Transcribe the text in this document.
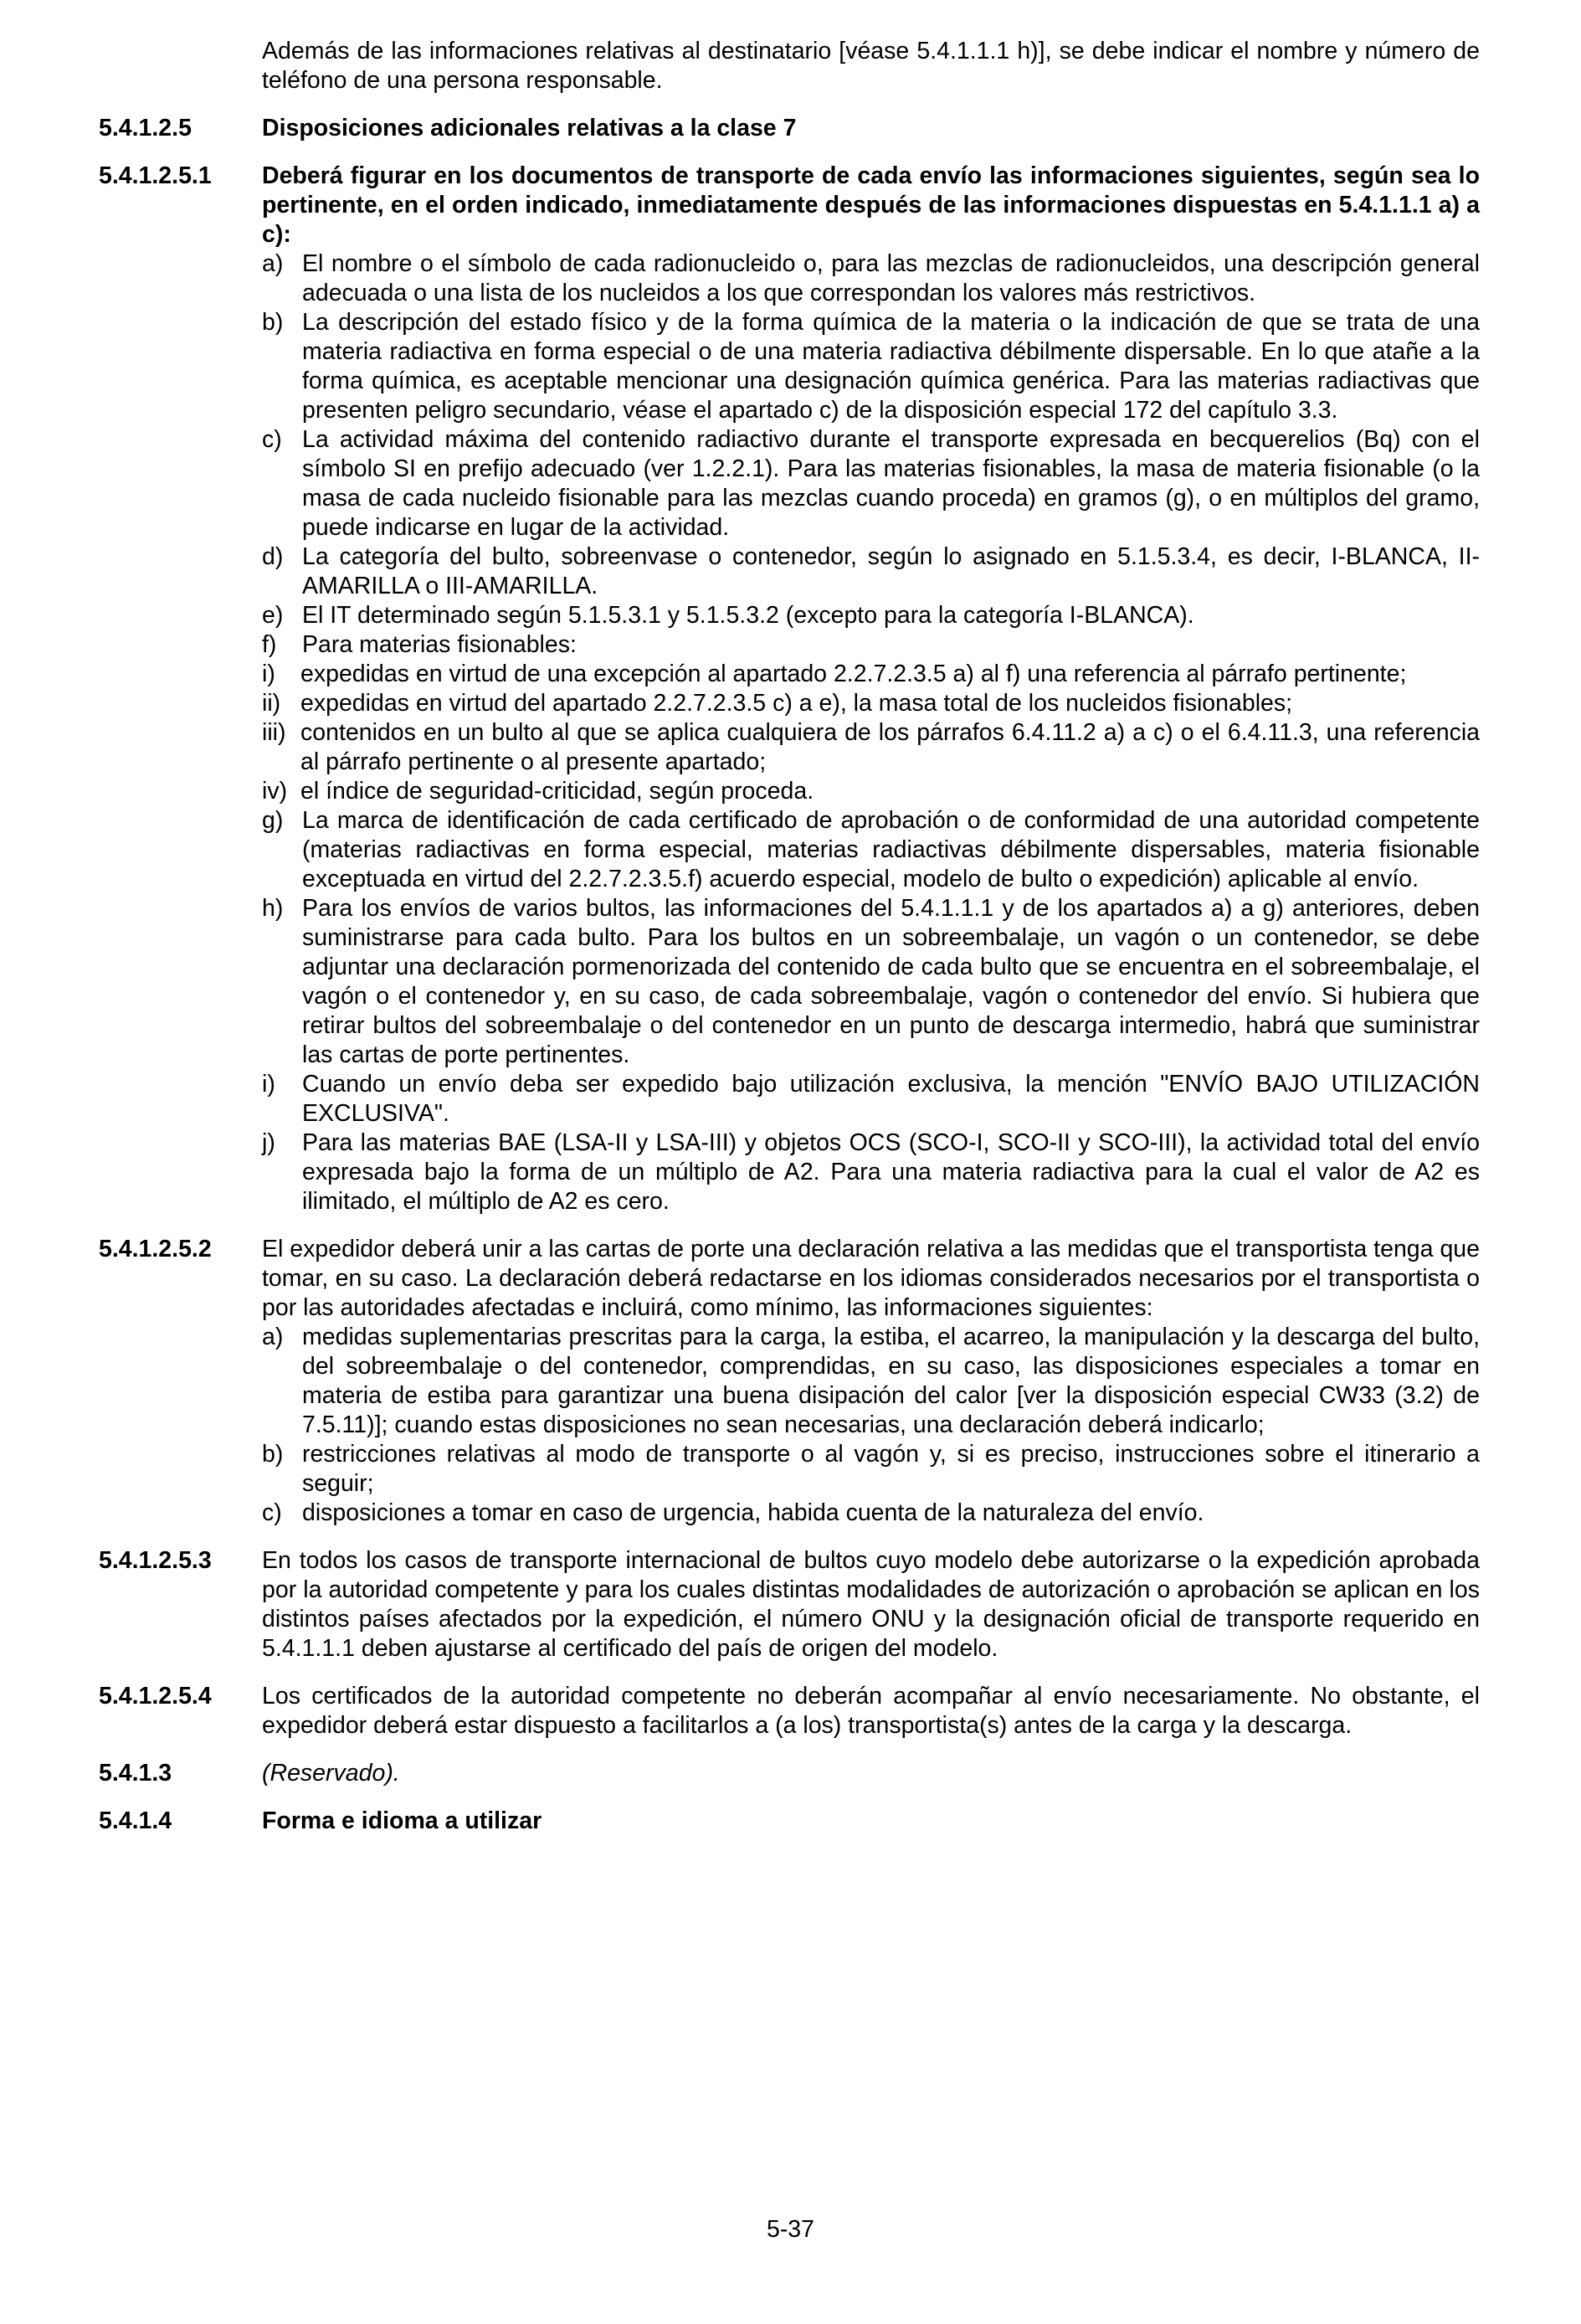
Además de las informaciones relativas al destinatario [véase 5.4.1.1.1 h)], se debe indicar el nombre y número de teléfono de una persona responsable.
5.4.1.2.5	Disposiciones adicionales relativas a la clase 7
5.4.1.2.5.1	Deberá figurar en los documentos de transporte de cada envío las informaciones siguientes, según sea lo pertinente, en el orden indicado, inmediatamente después de las informaciones dispuestas en 5.4.1.1.1 a) a c):
a) El nombre o el símbolo de cada radionucleido o, para las mezclas de radionucleidos, una descripción general adecuada o una lista de los nucleidos a los que correspondan los valores más restrictivos.
b) La descripción del estado físico y de la forma química de la materia o la indicación de que se trata de una materia radiactiva en forma especial o de una materia radiactiva débilmente dispersable. En lo que atañe a la forma química, es aceptable mencionar una designación química genérica. Para las materias radiactivas que presenten peligro secundario, véase el apartado c) de la disposición especial 172 del capítulo 3.3.
c) La actividad máxima del contenido radiactivo durante el transporte expresada en becquerelios (Bq) con el símbolo SI en prefijo adecuado (ver 1.2.2.1). Para las materias fisionables, la masa de materia fisionable (o la masa de cada nucleido fisionable para las mezclas cuando proceda) en gramos (g), o en múltiplos del gramo, puede indicarse en lugar de la actividad.
d) La categoría del bulto, sobreenvase o contenedor, según lo asignado en 5.1.5.3.4, es decir, I-BLANCA, II-AMARILLA o III-AMARILLA.
e) El IT determinado según 5.1.5.3.1 y 5.1.5.3.2 (excepto para la categoría I-BLANCA).
f)	Para materias fisionables:
i)	expedidas en virtud de una excepción al apartado 2.2.7.2.3.5 a) al f) una referencia al párrafo pertinente;
ii) expedidas en virtud del apartado 2.2.7.2.3.5 c) a e), la masa total de los nucleidos fisionables;
iii) contenidos en un bulto al que se aplica cualquiera de los párrafos 6.4.11.2 a) a c) o el 6.4.11.3, una referencia al párrafo pertinente o al presente apartado;
iv) el índice de seguridad-criticidad, según proceda.
g) La marca de identificación de cada certificado de aprobación o de conformidad de una autoridad competente (materias radiactivas en forma especial, materias radiactivas débilmente dispersables, materia fisionable exceptuada en virtud del 2.2.7.2.3.5.f) acuerdo especial, modelo de bulto o expedición) aplicable al envío.
h) Para los envíos de varios bultos, las informaciones del 5.4.1.1.1 y de los apartados a) a g) anteriores, deben suministrarse para cada bulto. Para los bultos en un sobreembalaje, un vagón o un contenedor, se debe adjuntar una declaración pormenorizada del contenido de cada bulto que se encuentra en el sobreembalaje, el vagón o el contenedor y, en su caso, de cada sobreembalaje, vagón o contenedor del envío. Si hubiera que retirar bultos del sobreembalaje o del contenedor en un punto de descarga intermedio, habrá que suministrar las cartas de porte pertinentes.
i)	Cuando un envío deba ser expedido bajo utilización exclusiva, la mención "ENVÍO BAJO UTILIZACIÓN EXCLUSIVA".
j)	Para las materias BAE (LSA-II y LSA-III) y objetos OCS (SCO-I, SCO-II y SCO-III), la actividad total del envío expresada bajo la forma de un múltiplo de A2. Para una materia radiactiva para la cual el valor de A2 es ilimitado, el múltiplo de A2 es cero.
5.4.1.2.5.2	El expedidor deberá unir a las cartas de porte una declaración relativa a las medidas que el transportista tenga que tomar, en su caso. La declaración deberá redactarse en los idiomas considerados necesarios por el transportista o por las autoridades afectadas e incluirá, como mínimo, las informaciones siguientes:
a) medidas suplementarias prescritas para la carga, la estiba, el acarreo, la manipulación y la descarga del bulto, del sobreembalaje o del contenedor, comprendidas, en su caso, las disposiciones especiales a tomar en materia de estiba para garantizar una buena disipación del calor [ver la disposición especial CW33 (3.2) de 7.5.11)]; cuando estas disposiciones no sean necesarias, una declaración deberá indicarlo;
b) restricciones relativas al modo de transporte o al vagón y, si es preciso, instrucciones sobre el itinerario a seguir;
c) disposiciones a tomar en caso de urgencia, habida cuenta de la naturaleza del envío.
5.4.1.2.5.3	En todos los casos de transporte internacional de bultos cuyo modelo debe autorizarse o la expedición aprobada por la autoridad competente y para los cuales distintas modalidades de autorización o aprobación se aplican en los distintos países afectados por la expedición, el número ONU y la designación oficial de transporte requerido en 5.4.1.1.1 deben ajustarse al certificado del país de origen del modelo.
5.4.1.2.5.4	Los certificados de la autoridad competente no deberán acompañar al envío necesariamente. No obstante, el expedidor deberá estar dispuesto a facilitarlos a (a los) transportista(s) antes de la carga y la descarga.
5.4.1.3	(Reservado).
5.4.1.4	Forma e idioma a utilizar
5-37
